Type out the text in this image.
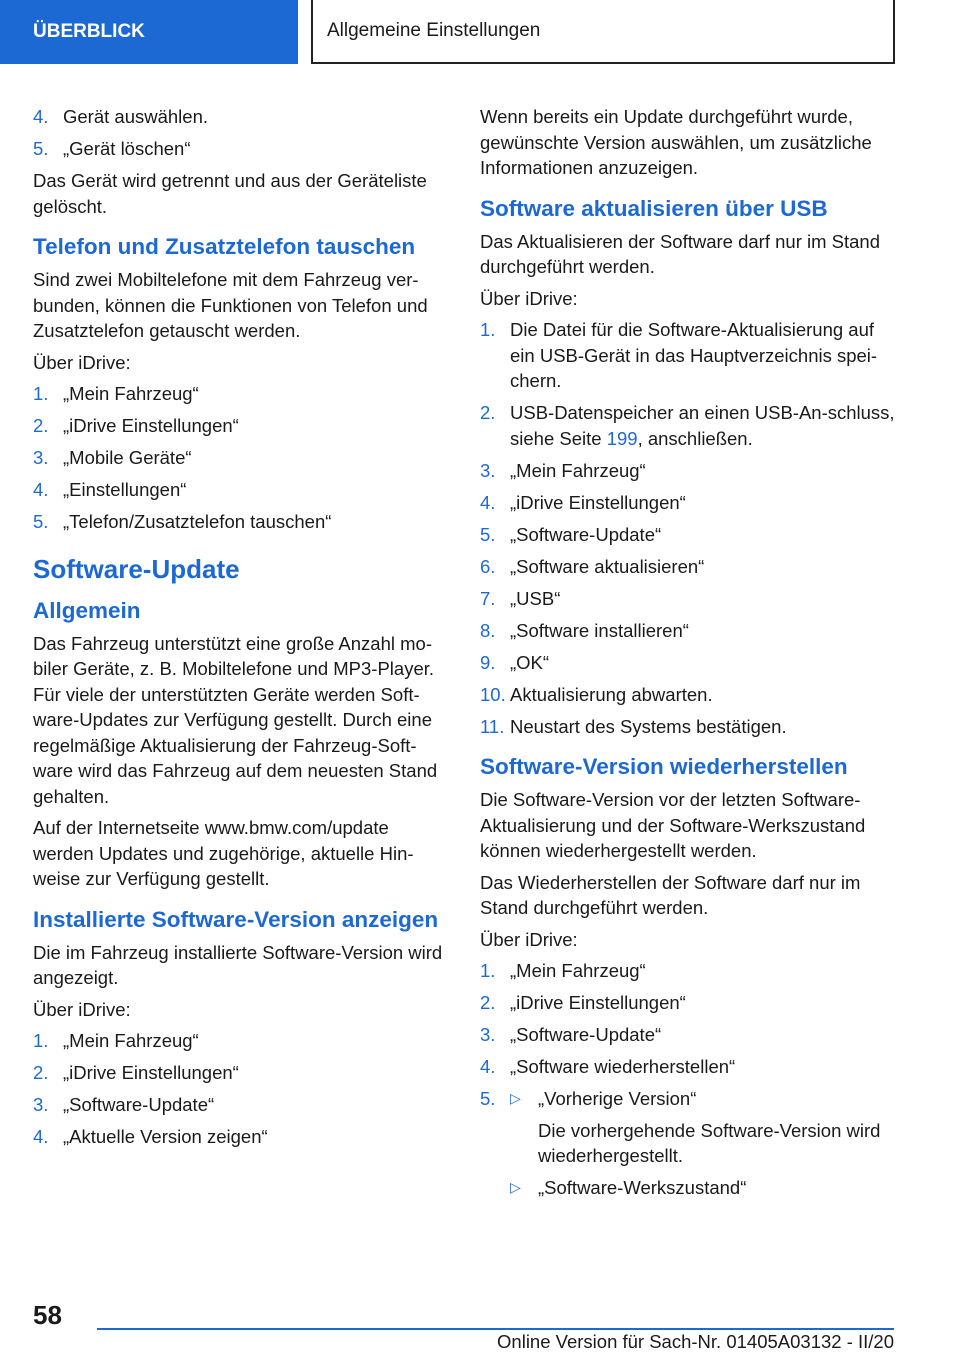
ÜBERBLICK	Allgemeine Einstellungen
4. Gerät auswählen.
5. „Gerät löschen“

Das Gerät wird getrennt und aus der Geräteliste gelöscht.

Telefon und Zusatztelefon tauschen

Sind zwei Mobiltelefone mit dem Fahrzeug ver-bunden, können die Funktionen von Telefon und Zusatztelefon getauscht werden.

Über iDrive:

1. „Mein Fahrzeug“
2. „iDrive Einstellungen“
3. „Mobile Geräte“
4. „Einstellungen“
5. „Telefon/Zusatztelefon tauschen“
Software-Update
Allgemein

Das Fahrzeug unterstützt eine große Anzahl mo-biler Geräte, z. B. Mobiltelefone und MP3-Player. Für viele der unterstützten Geräte werden Soft-ware-Updates zur Verfügung gestellt. Durch eine regelmäßige Aktualisierung der Fahrzeug-Soft-ware wird das Fahrzeug auf dem neuesten Stand gehalten.

Auf der Internetseite www.bmw.com/update werden Updates und zugehörige, aktuelle Hin-weise zur Verfügung gestellt.

Installierte Software-Version anzeigen

Die im Fahrzeug installierte Software-Version wird angezeigt.

Über iDrive:

1. „Mein Fahrzeug“
2. „iDrive Einstellungen“
3. „Software-Update“
4. „Aktuelle Version zeigen“

Wenn bereits ein Update durchgeführt wurde, gewünschte Version auswählen, um zusätzliche Informationen anzuzeigen.

Software aktualisieren über USB

Das Aktualisieren der Software darf nur im Stand durchgeführt werden.

Über iDrive:

1. Die Datei für die Software-Aktualisierung auf ein USB-Gerät in das Hauptverzeichnis spei-chern.
2. USB-Datenspeicher an einen USB-An-schluss, siehe Seite 199, anschließen.
3. „Mein Fahrzeug“
4. „iDrive Einstellungen“
5. „Software-Update“
6. „Software aktualisieren“
7. „USB“
8. „Software installieren“
9. „OK“
10. Aktualisierung abwarten.
11. Neustart des Systems bestätigen.
Software-Version wiederherstellen

Die Software-Version vor der letzten Software-Aktualisierung und der Software-Werkszustand können wiederhergestellt werden.

Das Wiederherstellen der Software darf nur im Stand durchgeführt werden.

Über iDrive:

1. „Mein Fahrzeug“
2. „iDrive Einstellungen“
3. „Software-Update“
4. „Software wiederherstellen“
5. ▷ „Vorherige Version“
Die vorhergehende Software-Version wird wiederhergestellt.
▷ „Software-Werkszustand“
58
Online Version für Sach-Nr. 01405A03132 - II/20
